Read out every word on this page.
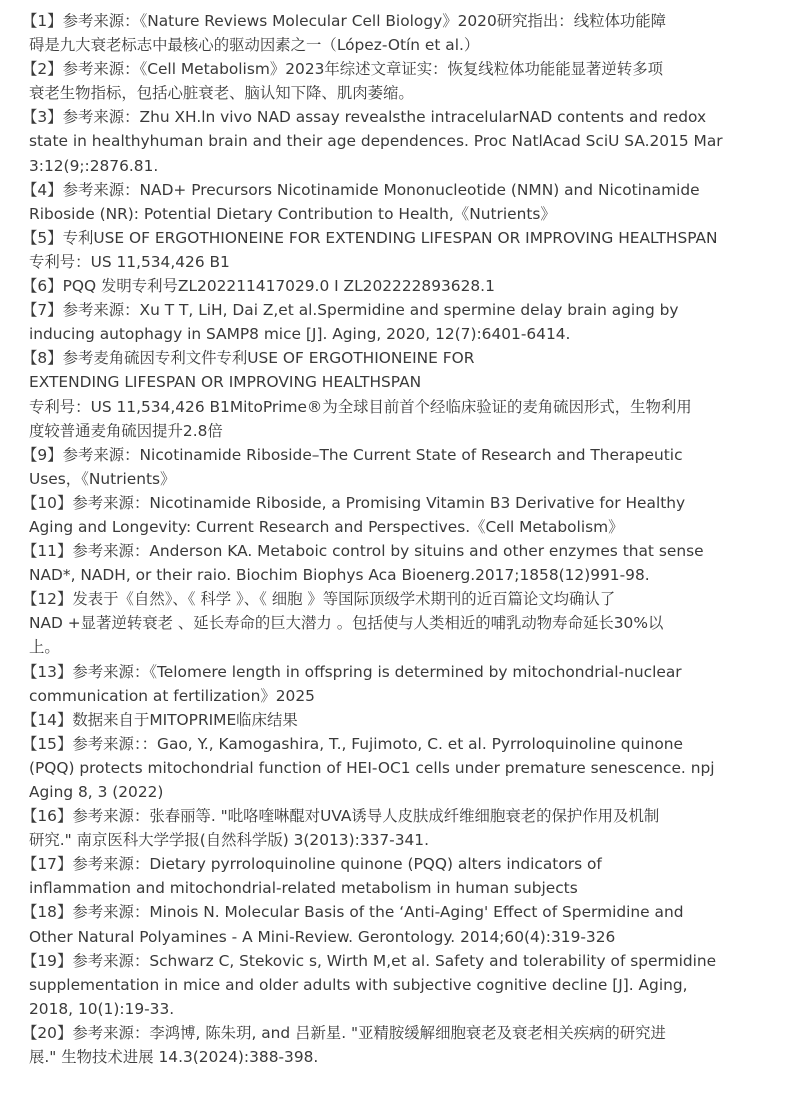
【1】参考来源：《Nature Reviews Molecular Cell Biology》2020研究指出：线粒体功能障
碍是九大衰老标志中最核心的驱动因素之一（López-Otín et al.）

【2】参考来源：《Cell Metabolism》2023年综述文章证实：恢复线粒体功能能显著逆转多项
衰老生物指标，包括心脏衰老、脑认知下降、肌肉萎缩。

【3】参考来源：Zhu XH.ln vivo NAD assay revealsthe intracelularNAD contents and redox
state in healthyhuman brain and their age dependences. Proc NatlAcad SciU SA.2015 Mar
3:12(9;:2876.81.

【4】参考来源：NAD+ Precursors Nicotinamide Mononucleotide (NMN) and Nicotinamide
Riboside (NR): Potential Dietary Contribution to Health,《Nutrients》

【5】专利USE OF ERGOTHIONEINE FOR EXTENDING LIFESPAN OR IMPROVING HEALTHSPAN
专利号：US 11,534,426 B1

【6】PQQ 发明专利号ZL202211417029.0 I ZL202222893628.1

【7】参考来源：Xu T T, LiH, Dai Z,et al.Spermidine and spermine delay brain aging by
inducing autophagy in SAMP8 mice [J]. Aging, 2020, 12(7):6401-6414.

【8】参考麦角硫因专利文件专利USE OF ERGOTHIONEINE FOR
EXTENDING LIFESPAN OR IMPROVING HEALTHSPAN
专利号：US 11,534,426 B1MitoPrime®为全球目前首个经临床验证的麦角硫因形式，生物利用
度较普通麦角硫因提升2.8倍

【9】参考来源：Nicotinamide Riboside–The Current State of Research and Therapeutic
Uses，《Nutrients》

【10】参考来源：Nicotinamide Riboside, a Promising Vitamin B3 Derivative for Healthy
Aging and Longevity: Current Research and Perspectives.《Cell Metabolism》

【11】参考来源：Anderson KA. Metaboic control by situins and other enzymes that sense
NAD*, NADH, or their raio. Biochim Biophys Aca Bioenerg.2017;1858(12)991-98.

【12】发表于《自然》、《 科学 》、《 细胞 》等国际顶级学术期刊的近百篇论文均确认了
NAD +显著逆转衰老 、延长寿命的巨大潜力 。包括使与人类相近的哺乳动物寿命延长30%以
上。

【13】参考来源：《Telomere length in offspring is determined by mitochondrial-nuclear
communication at fertilization》2025

【14】数据来自于MITOPRIME临床结果

【15】参考来源：：Gao, Y., Kamogashira, T., Fujimoto, C. et al. Pyrroloquinoline quinone
(PQQ) protects mitochondrial function of HEI-OC1 cells under premature senescence. npj
Aging 8, 3 (2022)

【16】参考来源：张春丽等. "吡咯喹啉醌对UVA诱导人皮肤成纤维细胞衰老的保护作用及机制
研究." 南京医科大学学报(自然科学版) 3(2013):337-341.

【17】参考来源：Dietary pyrroloquinoline quinone (PQQ) alters indicators of
inflammation and mitochondrial-related metabolism in human subjects

【18】参考来源：Minois N. Molecular Basis of the ‘Anti-Aging' Effect of Spermidine and
Other Natural Polyamines - A Mini-Review. Gerontology. 2014;60(4):319-326

【19】参考来源：Schwarz C, Stekovic s, Wirth M,et al. Safety and tolerability of spermidine
supplementation in mice and older adults with subjective cognitive decline [J]. Aging,
2018, 10(1):19-33.

【20】参考来源：李鸿博, 陈朱玥, and 吕新星. "亚精胺缓解细胞衰老及衰老相关疾病的研究进
展." 生物技术进展 14.3(2024):388-398.
